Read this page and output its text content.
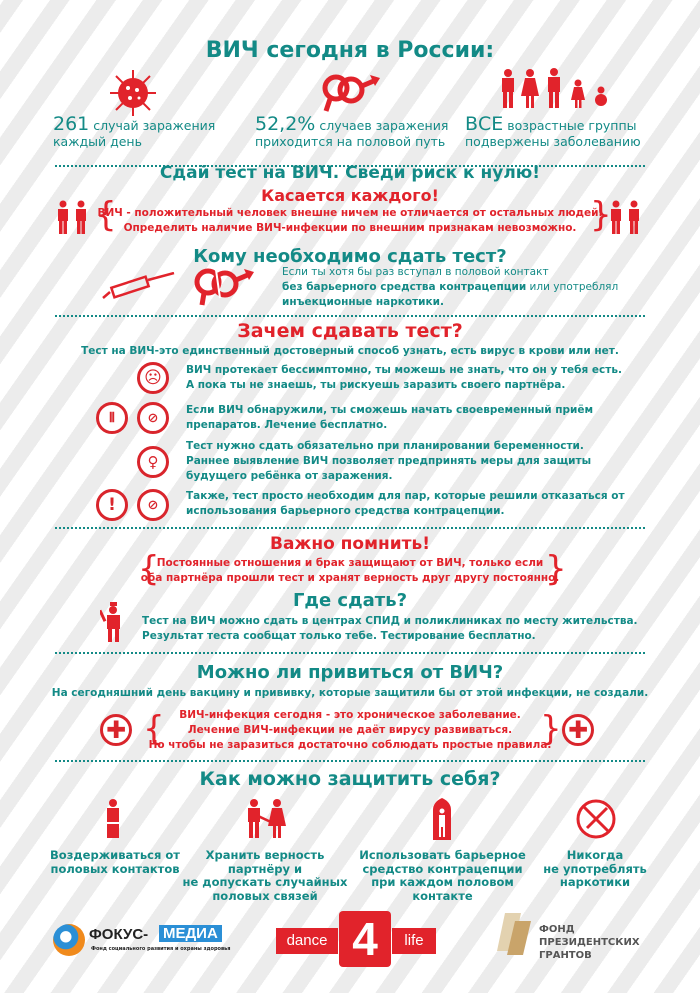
ВИЧ сегодня в России:
261 случай заражения
каждый день
52,2% случаев заражения
приходится на половой путь
ВСЕ возрастные группы
подвержены заболеванию
Сдай тест на ВИЧ. Сведи риск к нулю!
Касается каждого!
{	}
ВИЧ - положительный человек внешне ничем не отличается от остальных людей.
Определить наличие ВИЧ-инфекции по внешним признакам невозможно.
Кому необходимо сдать тест?
Если ты хотя бы раз вступал в половой контакт
без барьерного средства контрацепции или употреблял
инъекционные наркотики.
Зачем сдавать тест?
Тест на ВИЧ-это единственный достоверный способ узнать, есть вирус в крови или нет.
☹	ВИЧ протекает бессимптомно, ты можешь не знать, что он у тебя есть.
А пока ты не знаешь, ты рискуешь заразить своего партнёра.
⫴	⊘
Если ВИЧ обнаружили, ты сможешь начать своевременный приём
препаратов. Лечение бесплатно.
♀
Тест нужно сдать обязательно при планировании беременности.
Раннее выявление ВИЧ позволяет предпринять меры для защиты
будущего ребёнка от заражения.
!	⊘
Также, тест просто необходим для пар, которые решили отказаться от
использования барьерного средства контрацепции.
Важно помнить!
{	}
Постоянные отношения и брак защищают от ВИЧ, только если
оба партнёра прошли тест и хранят верность друг другу постоянно.
Где сдать?
Тест на ВИЧ можно сдать в центрах СПИД и поликлиниках по месту жительства.
Результат теста сообщат только тебе. Тестирование бесплатно.
Можно ли привиться от ВИЧ?
На сегодняшний день вакцину и прививку, которые защитили бы от этой инфекции, не создали.
✚	✚
{	}
ВИЧ-инфекция сегодня - это хроническое заболевание.
Лечение ВИЧ-инфекции не даёт вирусу развиваться.
Но чтобы не заразиться достаточно соблюдать простые правила.
Как можно защитить себя?
Воздерживаться от
половых контактов
Хранить верность
партнёру и
не допускать случайных
половых связей
Использовать барьерное
средство контрацепции
при каждом половом
контакте
Никогда
не употреблять
наркотики
ФОКУС- МЕДИА
Фонд социального развития и охраны здоровья	dance 4	life
ФОНД
ПРЕЗИДЕНТСКИХ
ГРАНТОВ
